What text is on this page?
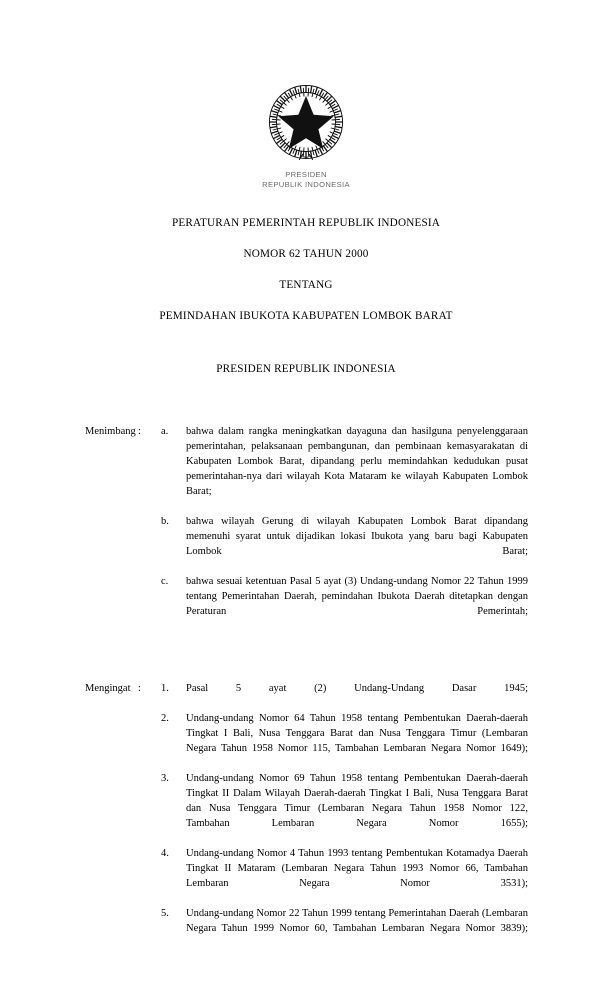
PRESIDEN
REPUBLIK INDONESIA
PERATURAN PEMERINTAH REPUBLIK INDONESIA
NOMOR 62 TAHUN 2000
TENTANG
PEMINDAHAN IBUKOTA KABUPATEN LOMBOK BARAT
PRESIDEN REPUBLIK INDONESIA
Menimbang :	a.	bahwa dalam rangka meningkatkan dayaguna dan hasilguna penyelenggaraan pemerintahan, pelaksanaan pembangunan, dan pembinaan kemasyarakatan di Kabupaten Lombok Barat, dipandang perlu memindahkan kedudukan pusat pemerintahan-nya dari wilayah Kota Mataram ke wilayah Kabupaten Lombok Barat;
b.	bahwa wilayah Gerung di wilayah Kabupaten Lombok Barat dipandang memenuhi syarat untuk dijadikan lokasi Ibukota yang baru bagi Kabupaten Lombok Barat;
c.	bahwa sesuai ketentuan Pasal 5 ayat (3) Undang-undang Nomor 22 Tahun 1999 tentang Pemerintahan Daerah, pemindahan Ibukota Daerah ditetapkan dengan Peraturan Pemerintah;
Mengingat :	1.	Pasal 5 ayat (2) Undang-Undang Dasar 1945;
2.	Undang-undang Nomor 64 Tahun 1958 tentang Pembentukan Daerah-daerah Tingkat I Bali, Nusa Tenggara Barat dan Nusa Tenggara Timur (Lembaran Negara Tahun 1958 Nomor 115, Tambahan Lembaran Negara Nomor 1649);
3.	Undang-undang Nomor 69 Tahun 1958 tentang Pembentukan Daerah-daerah Tingkat II Dalam Wilayah Daerah-daerah Tingkat I Bali, Nusa Tenggara Barat dan Nusa Tenggara Timur (Lembaran Negara Tahun 1958 Nomor 122, Tambahan Lembaran Negara Nomor 1655);
4.	Undang-undang Nomor 4 Tahun 1993 tentang Pembentukan Kotamadya Daerah Tingkat II Mataram (Lembaran Negara Tahun 1993 Nomor 66, Tambahan Lembaran Negara Nomor 3531);
5.	Undang-undang Nomor 22 Tahun 1999 tentang Pemerintahan Daerah (Lembaran Negara Tahun 1999 Nomor 60, Tambahan Lembaran Negara Nomor 3839);
